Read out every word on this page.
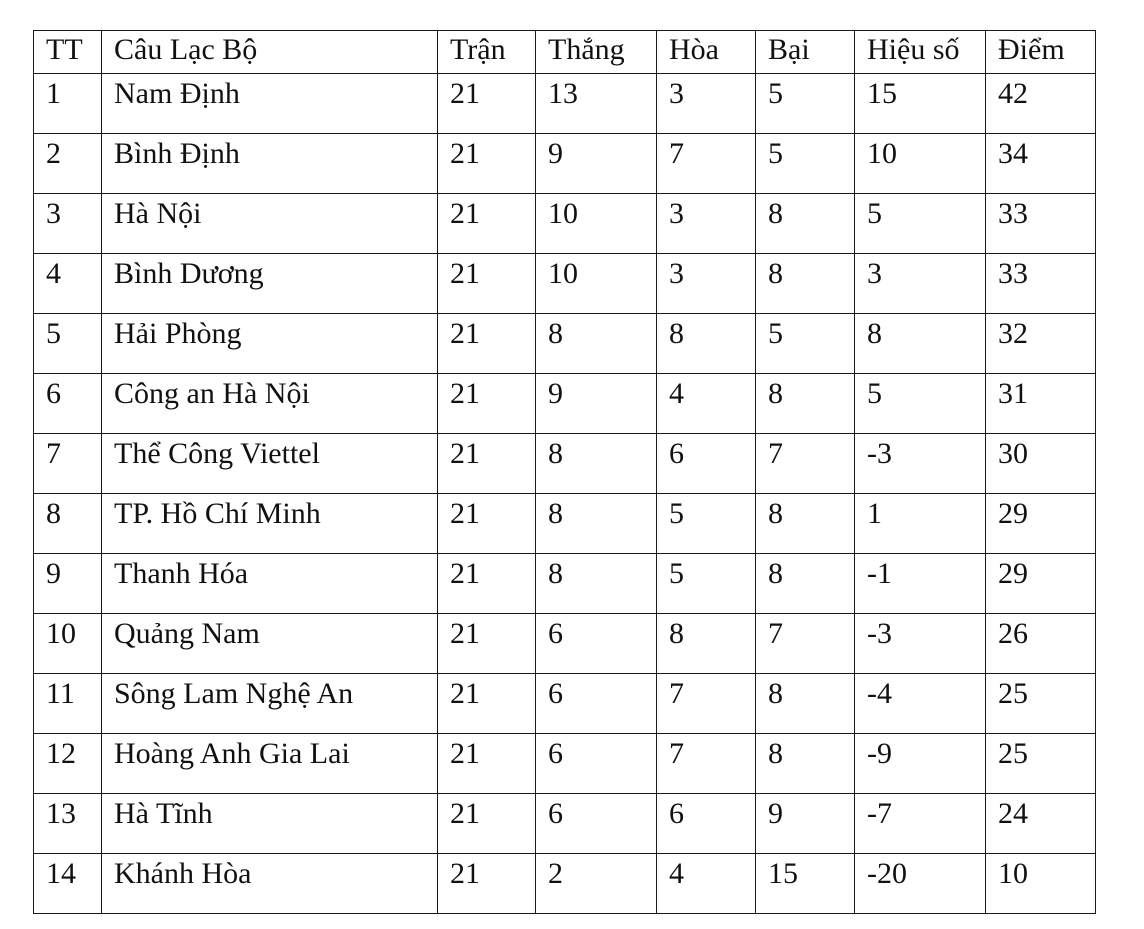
TT	Câu Lạc Bộ	Trận	Thắng	Hòa	Bại	Hiệu số	Điểm
1	Nam Định	21	13	3	5	15	42
2	Bình Định	21	9	7	5	10	34
3	Hà Nội	21	10	3	8	5	33
4	Bình Dương	21	10	3	8	3	33
5	Hải Phòng	21	8	8	5	8	32
6	Công an Hà Nội	21	9	4	8	5	31
7	Thể Công Viettel	21	8	6	7	-3	30
8	TP. Hồ Chí Minh	21	8	5	8	1	29
9	Thanh Hóa	21	8	5	8	-1	29
10	Quảng Nam	21	6	8	7	-3	26
11	Sông Lam Nghệ An	21	6	7	8	-4	25
12	Hoàng Anh Gia Lai	21	6	7	8	-9	25
13	Hà Tĩnh	21	6	6	9	-7	24
14	Khánh Hòa	21	2	4	15	-20	10
